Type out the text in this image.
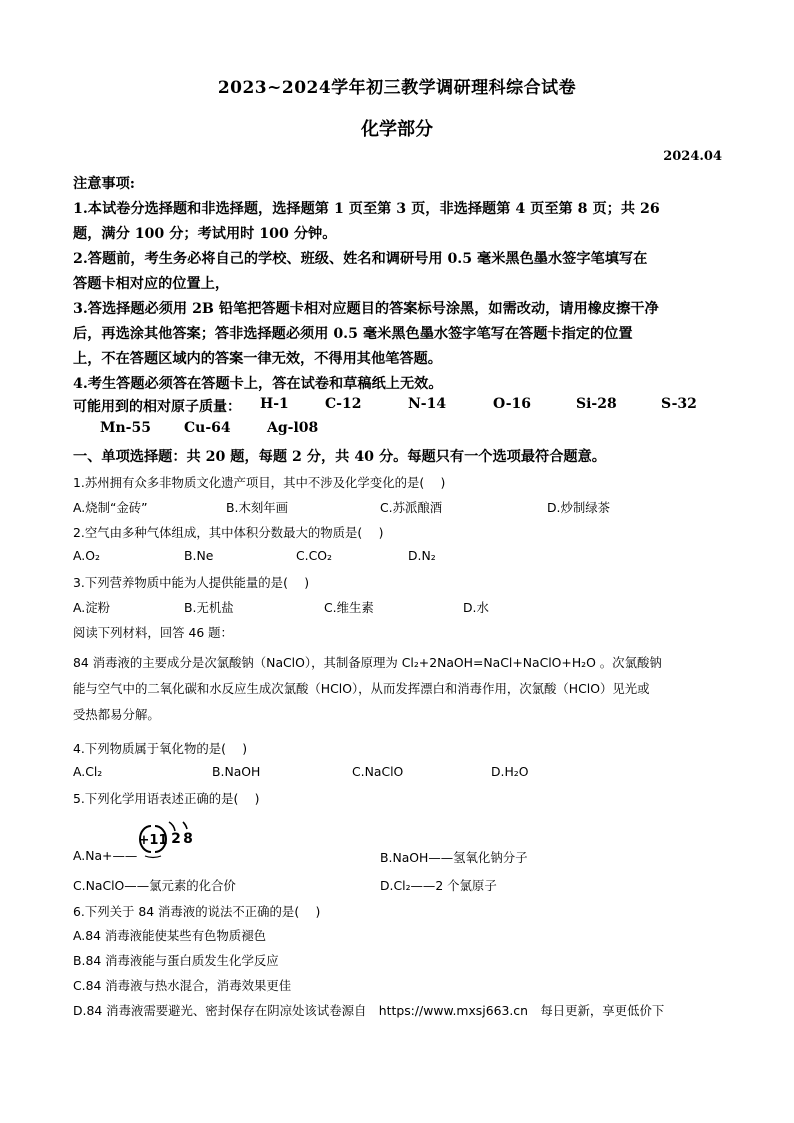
2023~2024学年初三教学调研理科综合试卷
化学部分
2024.04
注意事项:
1.本试卷分选择题和非选择题，选择题第 1 页至第 3 页，非选择题第 4 页至第 8 页；共 26
题，满分 100 分；考试用时 100 分钟。
2.答题前，考生务必将自己的学校、班级、姓名和调研号用 0.5 毫米黑色墨水签字笔填写在
答题卡相对应的位置上，
3.答选择题必须用 2B 铅笔把答题卡相对应题目的答案标号涂黑，如需改动，请用橡皮擦干净
后，再选涂其他答案；答非选择题必须用 0.5 毫米黑色墨水签字笔写在答题卡指定的位置
上，不在答题区域内的答案一律无效，不得用其他笔答题。
4.考生答题必须答在答题卡上，答在试卷和草稿纸上无效。
可能用到的相对原子质量： H-1	C-12	N-14	O-16	Si-28	S-32
Mn-55 Cu-64	Ag-l08
一、单项选择题：共 20 题，每题 2 分，共 40 分。每题只有一个选项最符合题意。
1.苏州拥有众多非物质文化遗产项目，其中不涉及化学变化的是(　 )
A.烧制“金砖”	B.木刻年画	C.苏派酿酒	D.炒制绿茶
2.空气由多种气体组成，其中体积分数最大的物质是(　 )
A.O₂	B.Ne	C.CO₂	D.N₂
3.下列营养物质中能为人提供能量的是(　 )
A.淀粉	B.无机盐	C.维生素	D.水
阅读下列材料，回答 46 题：
84 消毒液的主要成分是次氯酸钠（NaClO），其制备原理为 Cl₂+2NaOH=NaCl+NaClO+H₂O 。次氯酸钠
能与空气中的二氧化碳和水反应生成次氯酸（HClO），从而发挥漂白和消毒作用，次氯酸（HClO）见光或
受热都易分解。
4.下列物质属于氧化物的是(　 )
A.Cl₂	B.NaOH	C.NaClO	D.H₂O
5.下列化学用语表述正确的是(　 )
A.Na+——
+11 2 8
B.NaOH——氢氧化钠分子
C.NaClO——氯元素的化合价	D.Cl₂——2 个氯原子
6.下列关于 84 消毒液的说法不正确的是(　 )
A.84 消毒液能使某些有色物质褪色
B.84 消毒液能与蛋白质发生化学反应
C.84 消毒液与热水混合，消毒效果更佳
D.84 消毒液需要避光、密封保存在阴凉处该试卷源自　https://www.mxsj663.cn　每日更新，享更低价下
